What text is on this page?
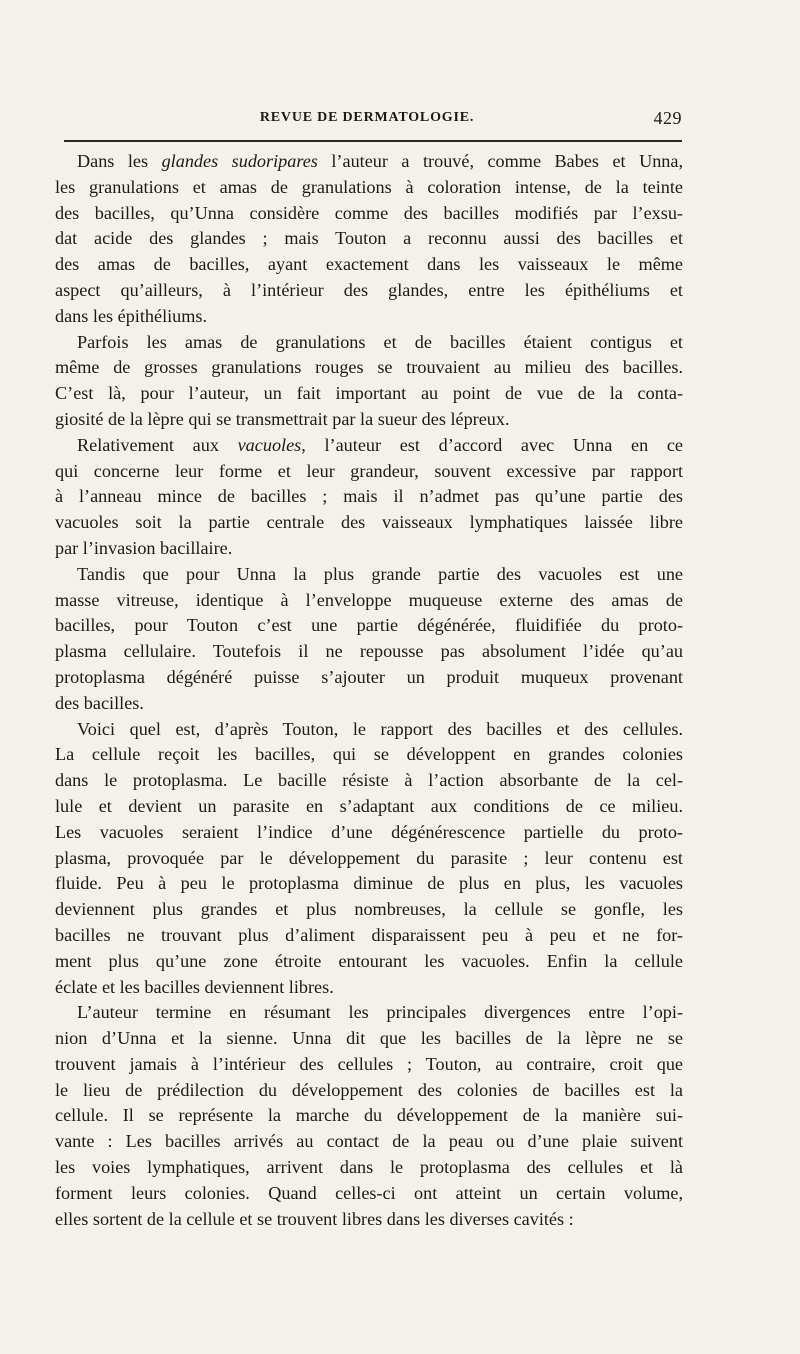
REVUE DE DERMATOLOGIE.	429
Dans les glandes sudoripares l’auteur a trouvé, comme Babes et Unna,
les granulations et amas de granulations à coloration intense, de la teinte
des bacilles, qu’Unna considère comme des bacilles modifiés par l’exsu-
dat acide des glandes ; mais Touton a reconnu aussi des bacilles et
des amas de bacilles, ayant exactement dans les vaisseaux le même
aspect qu’ailleurs, à l’intérieur des glandes, entre les épithéliums et
dans les épithéliums.
Parfois les amas de granulations et de bacilles étaient contigus et
même de grosses granulations rouges se trouvaient au milieu des bacilles.
C’est là, pour l’auteur, un fait important au point de vue de la conta-
giosité de la lèpre qui se transmettrait par la sueur des lépreux.
Relativement aux vacuoles, l’auteur est d’accord avec Unna en ce
qui concerne leur forme et leur grandeur, souvent excessive par rapport
à l’anneau mince de bacilles ; mais il n’admet pas qu’une partie des
vacuoles soit la partie centrale des vaisseaux lymphatiques laissée libre
par l’invasion bacillaire.
Tandis que pour Unna la plus grande partie des vacuoles est une
masse vitreuse, identique à l’enveloppe muqueuse externe des amas de
bacilles, pour Touton c’est une partie dégénérée, fluidifiée du proto-
plasma cellulaire. Toutefois il ne repousse pas absolument l’idée qu’au
protoplasma dégénéré puisse s’ajouter un produit muqueux provenant
des bacilles.
Voici quel est, d’après Touton, le rapport des bacilles et des cellules.
La cellule reçoit les bacilles, qui se développent en grandes colonies
dans le protoplasma. Le bacille résiste à l’action absorbante de la cel-
lule et devient un parasite en s’adaptant aux conditions de ce milieu.
Les vacuoles seraient l’indice d’une dégénérescence partielle du proto-
plasma, provoquée par le développement du parasite ; leur contenu est
fluide. Peu à peu le protoplasma diminue de plus en plus, les vacuoles
deviennent plus grandes et plus nombreuses, la cellule se gonfle, les
bacilles ne trouvant plus d’aliment disparaissent peu à peu et ne for-
ment plus qu’une zone étroite entourant les vacuoles. Enfin la cellule
éclate et les bacilles deviennent libres.
L’auteur termine en résumant les principales divergences entre l’opi-
nion d’Unna et la sienne. Unna dit que les bacilles de la lèpre ne se
trouvent jamais à l’intérieur des cellules ; Touton, au contraire, croit que
le lieu de prédilection du développement des colonies de bacilles est la
cellule. Il se représente la marche du développement de la manière sui-
vante : Les bacilles arrivés au contact de la peau ou d’une plaie suivent
les voies lymphatiques, arrivent dans le protoplasma des cellules et là
forment leurs colonies. Quand celles-ci ont atteint un certain volume,
elles sortent de la cellule et se trouvent libres dans les diverses cavités :
